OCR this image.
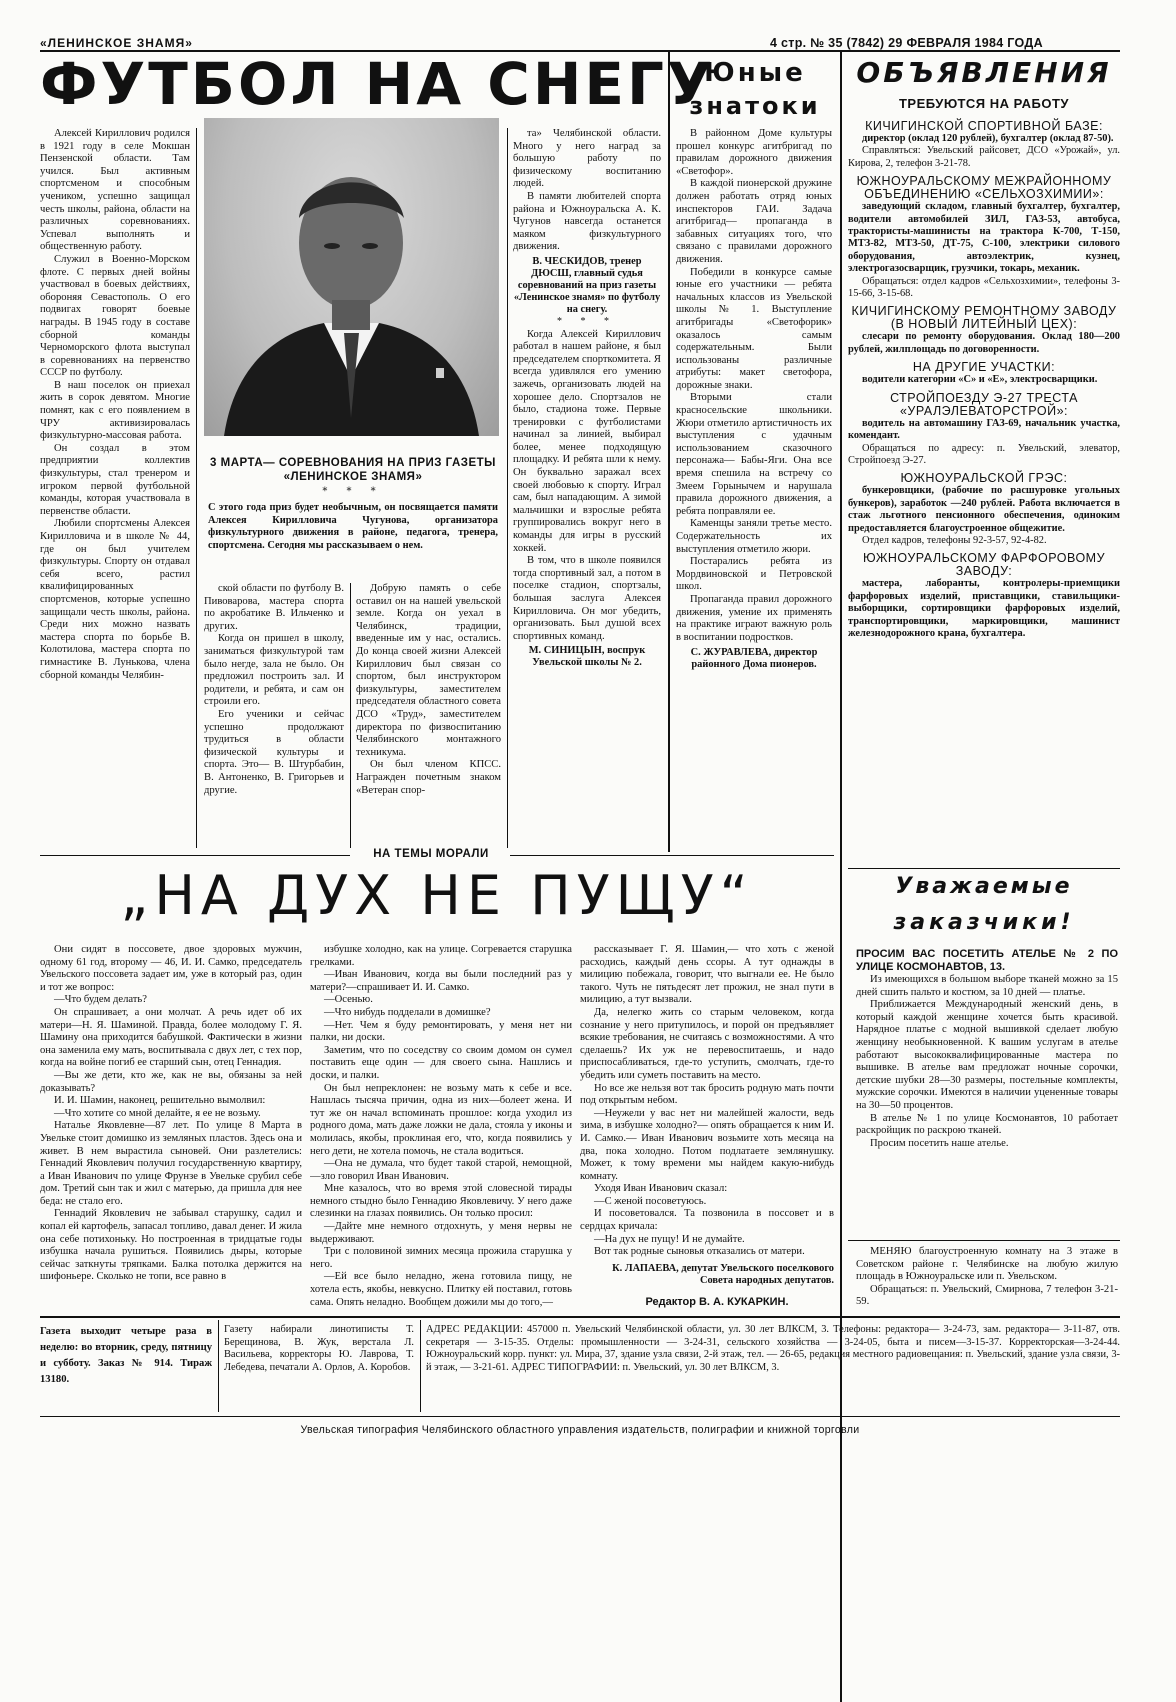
«ЛЕНИНСКОЕ ЗНАМЯ»	4 стр. № 35 (7842) 29 ФЕВРАЛЯ 1984 ГОДА
ФУТБОЛ НА СНЕГУ

Алексей Кириллович родился в 1921 году в селе Мокшан Пензенской области. Там учился. Был активным спортсменом и способным учеником, успешно защищал честь школы, района, области на различных соревнованиях. Успевал выполнять и общественную работу.

Служил в Военно-Морском флоте. С первых дней войны участвовал в боевых действиях, обороняя Севастополь. О его подвигах говорят боевые награды. В 1945 году в составе сборной команды Черноморского флота выступал в соревнованиях на первенство СССР по футболу.

В наш поселок он приехал жить в сорок девятом. Многие помнят, как с его появлением в ЧРУ активизировалась физкультурно-массовая работа.

Он создал в этом предприятии коллектив физкультуры, стал тренером и игроком первой футбольной команды, которая участвовала в первенстве области.

Любили спортсмены Алексея Кирилловича и в школе № 44, где он был учителем физкультуры. Спорту он отдавал себя всего, растил квалифицированных спортсменов, которые успешно защищали честь школы, района. Среди них можно назвать мастера спорта по борьбе В. Колотилова, мастера спорта по гимнастике В. Лунькова, члена сборной команды Челябин-

3 МАРТА— СОРЕВНОВАНИЯ НА ПРИЗ ГАЗЕТЫ «ЛЕНИНСКОЕ ЗНАМЯ»
* * *
С этого года приз будет необычным, он посвящается памяти Алексея Кирилловича Чугунова, организатора физкультурного движения в районе, педагога, тренера, спортсмена. Сегодня мы рассказываем о нем.

ской области по футболу В. Пивоварова, мастера спорта по акробатике В. Ильченко и других.

Когда он пришел в школу, заниматься физкультурой там было негде, зала не было. Он предложил построить зал. И родители, и ребята, и сам он строили его.

Его ученики и сейчас успешно продолжают трудиться в области физической культуры и спорта. Это— В. Штурбабин, В. Антоненко, В. Григорьев и другие.

Добрую память о себе оставил он на нашей увельской земле. Когда он уехал в Челябинск, традиции, введенные им у нас, остались. До конца своей жизни Алексей Кириллович был связан со спортом, был инструктором физкультуры, заместителем председателя областного совета ДСО «Труд», заместителем директора по физвоспитанию Челябинского монтажного техникума.

Он был членом КПСС. Награжден почетным знаком «Ветеран спор-

та» Челябинской области. Много у него наград за большую работу по физическому воспитанию людей.

В памяти любителей спорта района и Южноуральска А. К. Чугунов навсегда останется маяком физкультурного движения.

В. ЧЕСКИДОВ, тренер ДЮСШ, главный судья соревнований на приз газеты «Ленинское знамя» по футболу на снегу.
* * *

Когда Алексей Кириллович работал в нашем районе, я был председателем спорткомитета. Я всегда удивлялся его умению зажечь, организовать людей на хорошее дело. Спортзалов не было, стадиона тоже. Первые тренировки с футболистами начинал за линией, выбирал более, менее подходящую площадку. И ребята шли к нему. Он буквально заражал всех своей любовью к спорту. Играл сам, был нападающим. А зимой мальчишки и взрослые ребята группировались вокруг него в команды для игры в русский хоккей.

В том, что в школе появился тогда спортивный зал, а потом в поселке стадион, спортзалы, большая заслуга Алексея Кирилловича. Он мог убедить, организовать. Был душой всех спортивных команд.

М. СИНИЦЫН, воспрук Увельской школы № 2.
Юные
знатоки

В районном Доме культуры прошел конкурс агитбригад по правилам дорожного движения «Светофор».

В каждой пионерской дружине должен работать отряд юных инспекторов ГАИ. Задача агитбригад— пропаганда в забавных ситуациях того, что связано с правилами дорожного движения.

Победили в конкурсе самые юные его участники — ребята начальных классов из Увельской школы № 1. Выступление агитбригады «Светофорик» оказалось самым содержательным. Были использованы различные атрибуты: макет светофора, дорожные знаки.

Вторыми стали красносельские школьники. Жюри отметило артистичность их выступления с удачным использованием сказочного персонажа— Бабы-Яги. Она все время спешила на встречу со Змеем Горынычем и нарушала правила дорожного движения, а ребята поправляли ее.

Каменщы заняли третье место. Содержательность их выступления отметило жюри.

Постарались ребята из Мордвиновской и Петровской школ.

Пропаганда правил дорожного движения, умение их применять на практике играют важную роль в воспитании подростков.

С. ЖУРАВЛЕВА, директор районного Дома пионеров.
ОБЪЯВЛЕНИЯ
ТРЕБУЮТСЯ НА РАБОТУ
КИЧИГИНСКОЙ СПОРТИВНОЙ БАЗЕ:
директор (оклад 120 рублей), бухгалтер (оклад 87-50).
Справляться: Увельский райсовет, ДСО «Урожай», ул. Кирова, 2, телефон 3-21-78.
ЮЖНОУРАЛЬСКОМУ МЕЖРАЙОННОМУ ОБЪЕДИНЕНИЮ «СЕЛЬХОЗХИМИИ»:
заведующий складом, главный бухгалтер, бухгалтер, водители автомобилей ЗИЛ, ГАЗ-53, автобуса, трактористы-машинисты на трактора К-700, Т-150, МТЗ-82, МТЗ-50, ДТ-75, С-100, электрики силового оборудования, автоэлектрик, кузнец, электрогазосварщик, грузчики, токарь, механик.
Обращаться: отдел кадров «Сельхозхимии», телефоны 3-15-66, 3-15-68.
КИЧИГИНСКОМУ РЕМОНТНОМУ ЗАВОДУ (В НОВЫЙ ЛИТЕЙНЫЙ ЦЕХ):
слесари по ремонту оборудования. Оклад 180—200 рублей, жилплощадь по договоренности.
НА ДРУГИЕ УЧАСТКИ:
водители категории «С» и «Е», электросварщики.
СТРОЙПОЕЗДУ Э-27 ТРЕСТА «УРАЛЭЛЕВАТОРСТРОЙ»:
водитель на автомашину ГАЗ-69, начальник участка, комендант.
Обращаться по адресу: п. Увельский, элеватор, Стройпоезд Э-27.
ЮЖНОУРАЛЬСКОЙ ГРЭС:
бункеровщики, (рабочие по расшуровке угольных бункеров), заработок —240 рублей. Работа включается в стаж льготного пенсионного обеспечения, одиноким предоставляется благоустроенное общежитие.
Отдел кадров, телефоны 92-3-57, 92-4-82.
ЮЖНОУРАЛЬСКОМУ ФАРФОРОВОМУ ЗАВОДУ:
мастера, лаборанты, контролеры-приемщики фарфоровых изделий, приставщики, ставильщики-выборщики, сортировщики фарфоровых изделий, транспортировщики, маркировщики, машинист железнодорожного крана, бухгалтера.
Уважаемые
заказчики!
ПРОСИМ ВАС ПОСЕТИТЬ АТЕЛЬЕ № 2 ПО УЛИЦЕ КОСМОНАВТОВ, 13.

Из имеющихся в большом выборе тканей можно за 15 дней сшить пальто и костюм, за 10 дней — платье.

Приближается Международный женский день, в который каждой женщине хочется быть красивой. Нарядное платье с модной вышивкой сделает любую женщину необыкновенной. К вашим услугам в ателье работают высококвалифицированные мастера по вышивке. В ателье вам предложат ночные сорочки, детские шубки 28—30 размеры, постельные комплекты, мужские сорочки. Имеются в наличии уцененные товары на 30—50 процентов.

В ателье № 1 по улице Космонавтов, 10 работает раскройщик по раскрою тканей.

Просим посетить наше ателье.

МЕНЯЮ благоустроенную комнату на 3 этаже в Советском районе г. Челябинске на любую жилую площадь в Южноуральске или п. Увельском.

Обращаться: п. Увельский, Смирнова, 7 телефон 3-21-59.

НА ТЕМЫ МОРАЛИ
„НА ДУХ НЕ ПУЩУ“

Они сидят в поссовете, двое здоровых мужчин, одному 61 год, второму — 46, И. И. Самко, председатель Увельского поссовета задает им, уже в который раз, один и тот же вопрос:

—Что будем делать?

Он спрашивает, а они молчат. А речь идет об их матери—Н. Я. Шаминой. Правда, более молодому Г. Я. Шамину она приходится бабушкой. Фактически в жизни она заменила ему мать, воспитывала с двух лет, с тех пор, когда на войне погиб ее старший сын, отец Геннадия.

—Вы же дети, кто же, как не вы, обязаны за ней доказывать?

И. И. Шамин, наконец, решительно вымолвил:

—Что хотите со мной делайте, я ее не возьму.

Наталье Яковлевне—87 лет. По улице 8 Марта в Увельке стоит домишко из земляных пластов. Здесь она и живет. В нем вырастила сыновей. Они разлетелись: Геннадий Яковлевич получил государственную квартиру, а Иван Иванович по улице Фрунзе в Увельке срубил себе дом. Третий сын так и жил с матерью, да пришла для нее беда: не стало его.

Геннадий Яковлевич не забывал старушку, садил и копал ей картофель, запасал топливо, давал денег. И жила она себе потихоньку. Но построенная в тридцатые годы избушка начала рушиться. Появились дыры, которые сейчас заткнуты тряпками. Балка потолка держится на шифоньере. Сколько не топи, все равно в

избушке холодно, как на улице. Согревается старушка грелками.

—Иван Иванович, когда вы были последний раз у матери?—спрашивает И. И. Самко.

—Осенью.

—Что нибудь подделали в домишке?

—Нет. Чем я буду ремонтировать, у меня нет ни палки, ни доски.

Заметим, что по соседству со своим домом он сумел поставить еще один — для своего сына. Нашлись и доски, и палки.

Он был непреклонен: не возьму мать к себе и все. Нашлась тысяча причин, одна из них—болеет жена. И тут же он начал вспоминать прошлое: когда уходил из родного дома, мать даже ложки не дала, стояла у иконы и молилась, якобы, проклиная его, что, когда появились у него дети, не хотела помочь, не стала водиться.

—Она не думала, что будет такой старой, немощной,—зло говорил Иван Иванович.

Мне казалось, что во время этой словесной тирады немного стыдно было Геннадию Яковлевичу. У него даже слезинки на глазах появились. Он только просил:

—Дайте мне немного отдохнуть, у меня нервы не выдерживают.

Три с половиной зимних месяца прожила старушка у него.

—Ей все было неладно, жена готовила пищу, не хотела есть, якобы, невкусно. Плитку ей поставил, готовь сама. Опять неладно. Вообщем дожили мы до того,—

рассказывает Г. Я. Шамин,— что хоть с женой расходись, каждый день ссоры. А тут однажды в милицию побежала, говорит, что выгнали ее. Не было такого. Чуть не пятьдесят лет прожил, не знал пути в милицию, а тут вызвали.

Да, нелегко жить со старым человеком, когда сознание у него притупилось, и порой он предъявляет всякие требования, не считаясь с возможностями. А что сделаешь? Их уж не перевоспитаешь, и надо приспосабливаться, где-то уступить, смолчать, где-то убедить или суметь поставить на место.

Но все же нельзя вот так бросить родную мать почти под открытым небом.

—Неужели у вас нет ни малейшей жалости, ведь зима, в избушке холодно?— опять обращается к ним И. И. Самко.— Иван Иванович возьмите хоть месяца на два, пока холодно. Потом подлатаете землянушку. Может, к тому времени мы найдем какую-нибудь комнату.

Уходя Иван Иванович сказал:

—С женой посоветуюсь.

И посоветовался. Та позвонила в поссовет и в сердцах кричала:

—На дух не пущу! И не думайте.

Вот так родные сыновья отказались от матери.

К. ЛАПАЕВА, депутат Увельского поселкового Совета народных депутатов.
Редактор В. А. КУКАРКИН.
Газета выходит четыре раза в неделю: во вторник, среду, пятницу и субботу. Заказ № 914. Тираж 13180.
Газету набирали линотиписты Т. Берещинова, В. Жук, верстала Л. Васильева, корректоры Ю. Лаврова, Т. Лебедева, печатали А. Орлов, А. Коробов.
АДРЕС РЕДАКЦИИ: 457000 п. Увельский Челябинской области, ул. 30 лет ВЛКСМ, 3. Телефоны: редактора— 3-24-73, зам. редактора— 3-11-87, отв. секретаря — 3-15-35. Отделы: промышленности — 3-24-31, сельского хозяйства — 3-24-05, быта и писем—3-15-37. Корректорская—3-24-44. Южноуральский корр. пункт: ул. Мира, 37, здание узла связи, 2-й этаж, тел. — 26-65, редакция местного радиовещания: п. Увельский, здание узла связи, 3-й этаж, — 3-21-61. АДРЕС ТИПОГРАФИИ: п. Увельский, ул. 30 лет ВЛКСМ, 3.
Увельская типография Челябинского областного управления издательств, полиграфии и книжной торговли
